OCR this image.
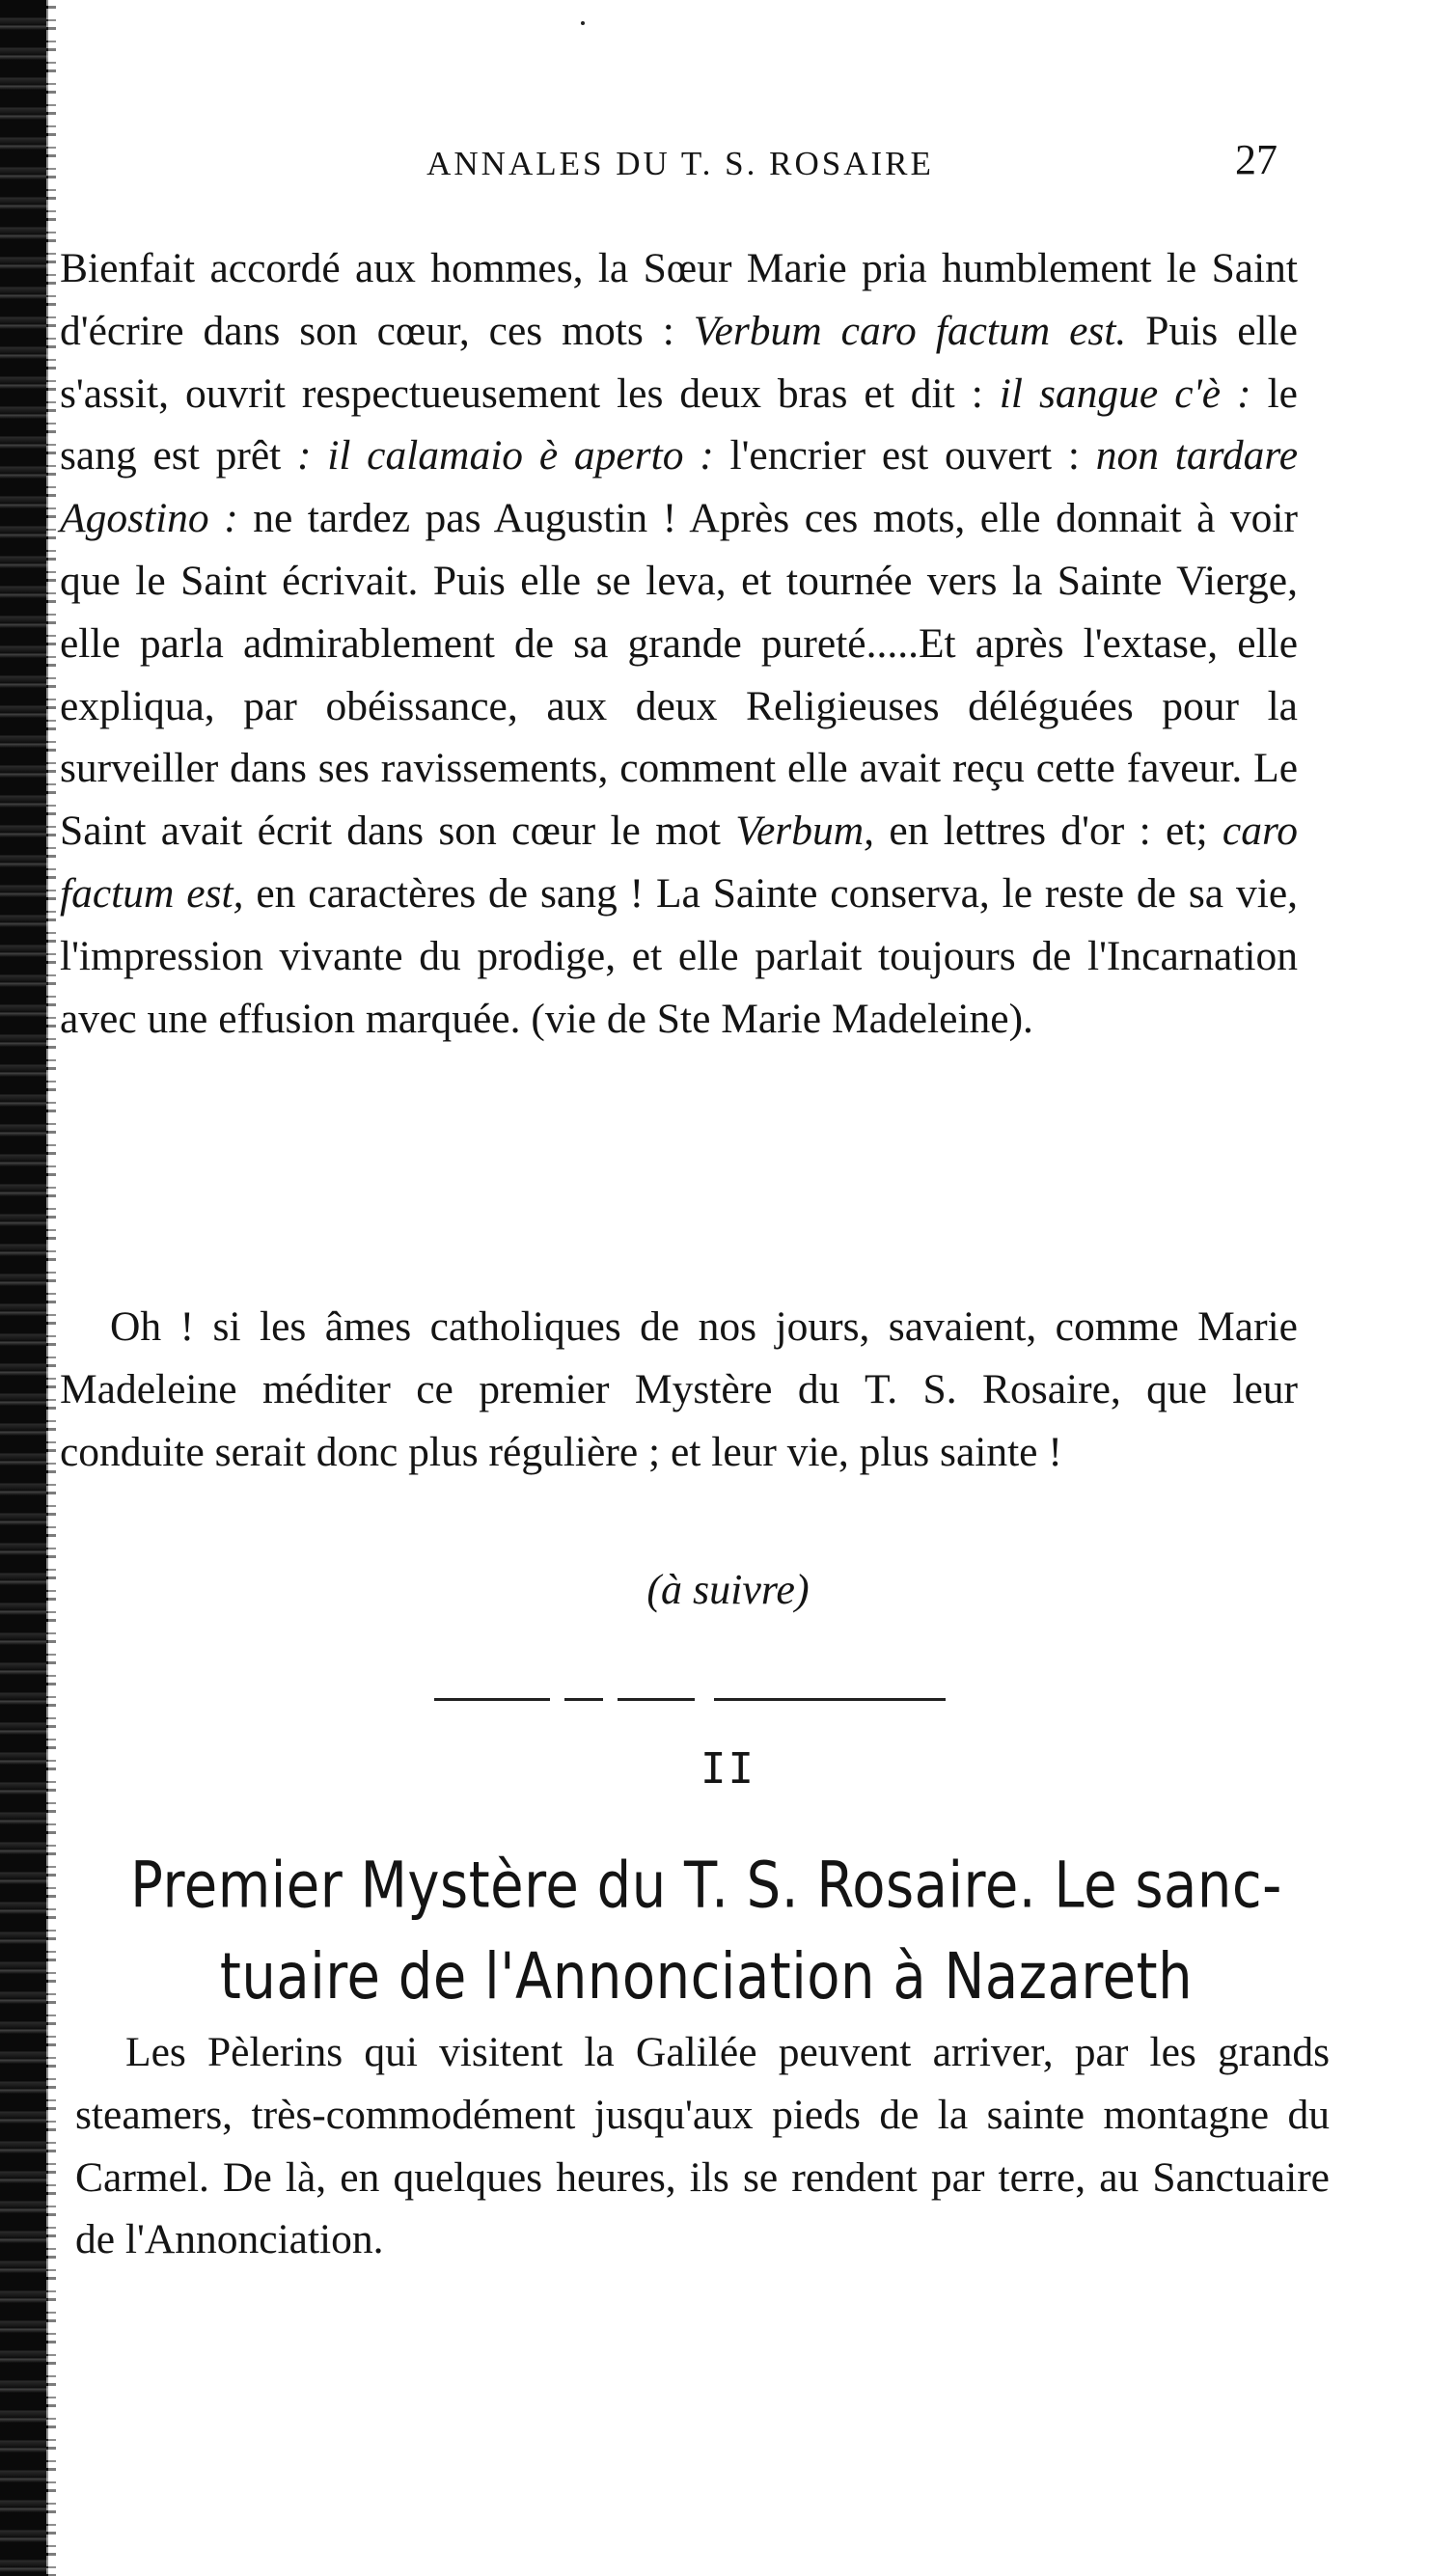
ANNALES DU T. S. ROSAIRE	27

Bienfait accordé aux hommes, la Sœur Marie pria humblement le Saint d'écrire dans son cœur, ces mots : Verbum caro factum est. Puis elle s'assit, ouvrit respectueusement les deux bras et dit : il sangue c'è : le sang est prêt : il calamaio è aperto : l'encrier est ouvert : non tardare Agostino : ne tardez pas Augustin ! Après ces mots, elle donnait à voir que le Saint écrivait. Puis elle se leva, et tournée vers la Sainte Vierge, elle parla admirablement de sa grande pureté.....Et après l'extase, elle expliqua, par obéissance, aux deux Religieuses déléguées pour la surveiller dans ses ravissements, comment elle avait reçu cette faveur. Le Saint avait écrit dans son cœur le mot Verbum, en lettres d'or : et; caro factum est, en caractères de sang ! La Sainte conserva, le reste de sa vie, l'impression vivante du prodige, et elle parlait toujours de l'Incarnation avec une effusion marquée. (vie de Ste Marie Madeleine).

Oh ! si les âmes catholiques de nos jours, savaient, comme Marie Madeleine méditer ce premier Mystère du T. S. Rosaire, que leur conduite serait donc plus régulière ; et leur vie, plus sainte !

(à suivre)
II
Premier Mystère du T. S. Rosaire. Le sanc-
tuaire de l'Annonciation à Nazareth

Les Pèlerins qui visitent la Galilée peuvent arriver, par les grands steamers, très-commodément jusqu'aux pieds de la sainte montagne du Carmel. De là, en quelques heures, ils se rendent par terre, au Sanctuaire de l'Annonciation.
